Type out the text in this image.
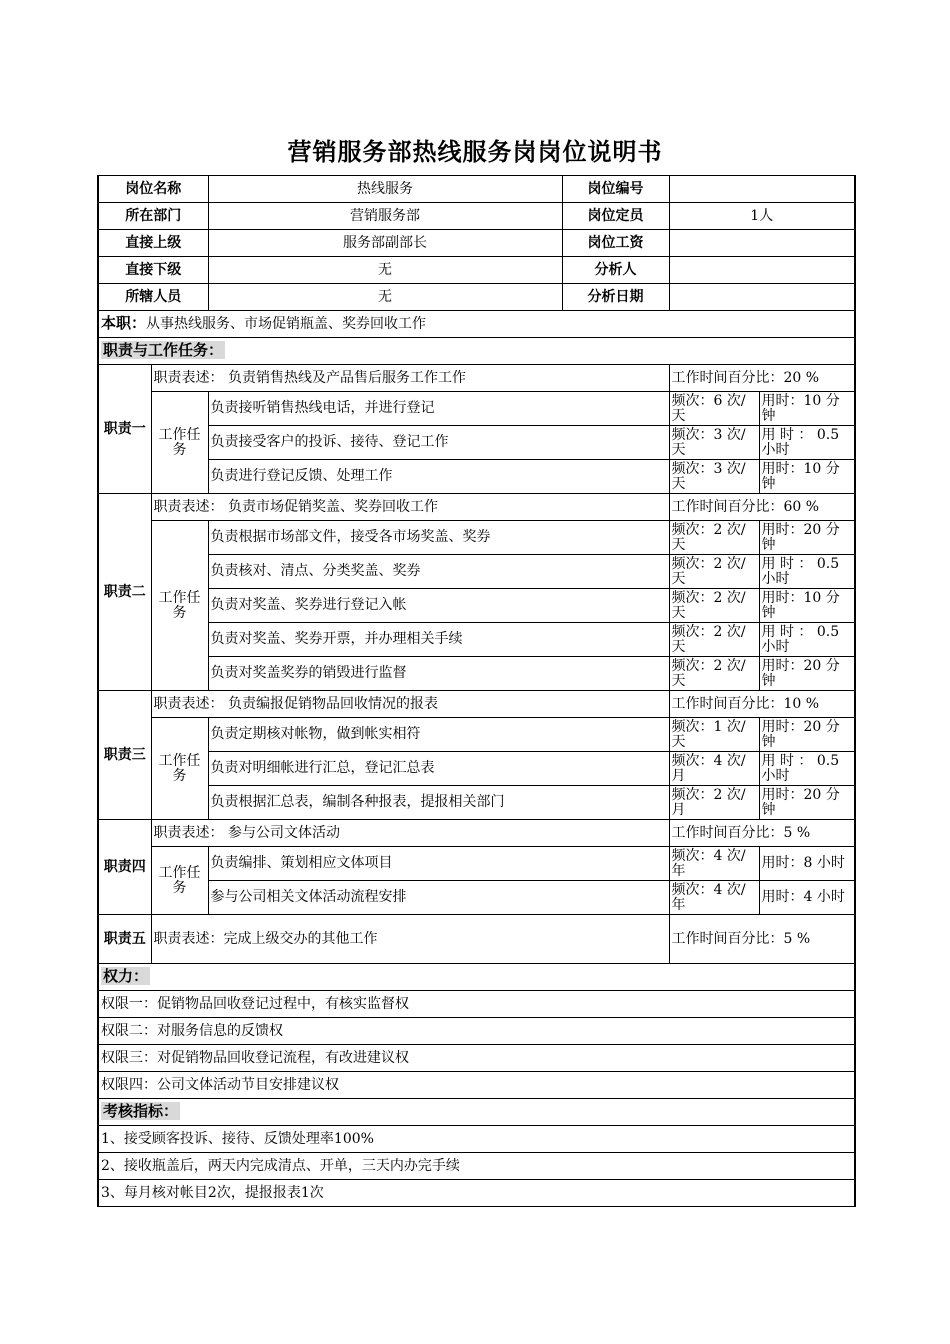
营销服务部热线服务岗岗位说明书
岗位名称		热线服务	岗位编号		
所在部门		营销服务部	岗位定员	1人	
直接上级		服务部副部长	岗位工资		
直接下级		无	分析人		
所辖人员		无	分析日期		
本职：从事热线服务、市场促销瓶盖、奖券回收工作					
职责与工作任务：					
职责一	职责表述： 负责销售热线及产品售后服务工作工作			工作时间百分比：20 %	
	工作任务	负责接听销售热线电话，并进行登记		频次：6 次/天	用时：10 分钟
		负责接受客户的投诉、接待、登记工作		频次：3 次/天	用 时 ： 0.5 小时
		负责进行登记反馈、处理工作		频次：3 次/天	用时：10 分钟
职责二	职责表述： 负责市场促销奖盖、奖券回收工作			工作时间百分比：60 %	
	工作任务	负责根据市场部文件，接受各市场奖盖、奖券		频次：2 次/天	用时：20 分钟
		负责核对、清点、分类奖盖、奖券		频次：2 次/天	用 时 ： 0.5 小时
		负责对奖盖、奖券进行登记入帐		频次：2 次/天	用时：10 分钟
		负责对奖盖、奖券开票，并办理相关手续		频次：2 次/天	用 时 ： 0.5 小时
		负责对奖盖奖券的销毁进行监督		频次：2 次/天	用时：20 分钟
职责三	职责表述： 负责编报促销物品回收情况的报表			工作时间百分比：10 %	
	工作任务	负责定期核对帐物，做到帐实相符		频次：1 次/天	用时：20 分钟
		负责对明细帐进行汇总，登记汇总表		频次：4 次/月	用 时 ： 0.5 小时
		负责根据汇总表，编制各种报表，提报相关部门		频次：2 次/月	用时：20 分钟
职责四	职责表述： 参与公司文体活动			工作时间百分比：5 %	
	工作任务	负责编排、策划相应文体项目		频次：4 次/年	用时：8 小时
		参与公司相关文体活动流程安排		频次：4 次/年	用时：4 小时
职责五	职责表述：完成上级交办的其他工作			工作时间百分比：5 %	
权力：					
权限一：促销物品回收登记过程中，有核实监督权					
权限二：对服务信息的反馈权					
权限三：对促销物品回收登记流程，有改进建议权					
权限四：公司文体活动节目安排建议权					
考核指标：					
1、接受顾客投诉、接待、反馈处理率100%					
2、接收瓶盖后，两天内完成清点、开单，三天内办完手续					
3、每月核对帐目2次，提报报表1次					
